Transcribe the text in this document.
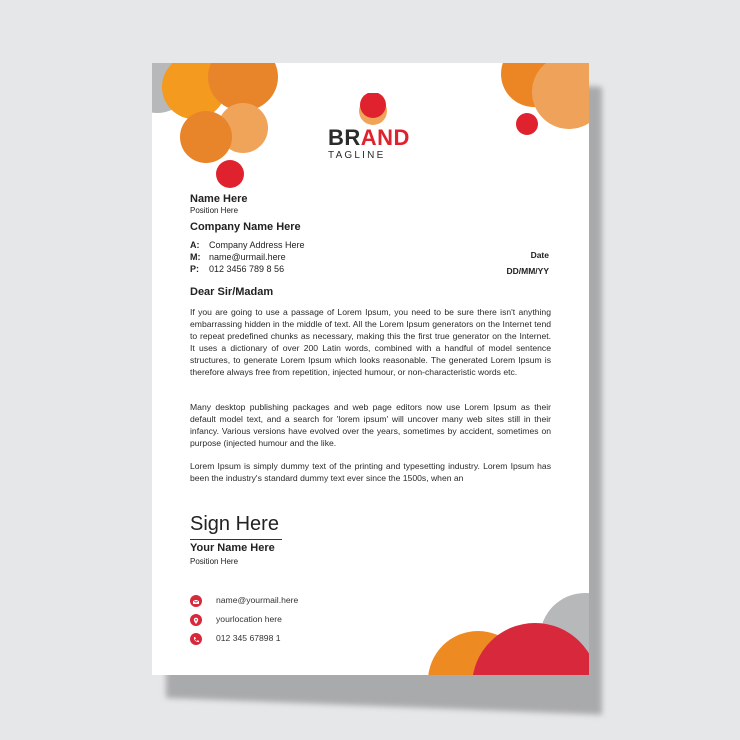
BRAND
TAGLINE
Name Here
Position Here
Company Name Here
A: Company Address Here
M: name@urmail.here
P: 012 3456 789 8 56
Date
DD/MM/YY
Dear Sir/Madam
If you are going to use a passage of Lorem Ipsum, you need to be sure there isn't anything embarrassing hidden in the middle of text. All the Lorem Ipsum generators on the Internet tend to repeat predefined chunks as necessary, making this the first true generator on the Internet. It uses a dictionary of over 200 Latin words, combined with a handful of model sentence structures, to generate Lorem Ipsum which looks reasonable. The generated Lorem Ipsum is therefore always free from repetition, injected humour, or non-characteristic words etc.
Many desktop publishing packages and web page editors now use Lorem Ipsum as their default model text, and a search for 'lorem ipsum' will uncover many web sites still in their infancy. Various versions have evolved over the years, sometimes by accident, sometimes on purpose (injected humour and the like.
Lorem Ipsum is simply dummy text of the printing and typesetting industry. Lorem Ipsum has been the industry's standard dummy text ever since the 1500s, when an
Sign Here
Your Name Here
Position Here
name@yourmail.here
yourlocation here
012 345 67898 1
